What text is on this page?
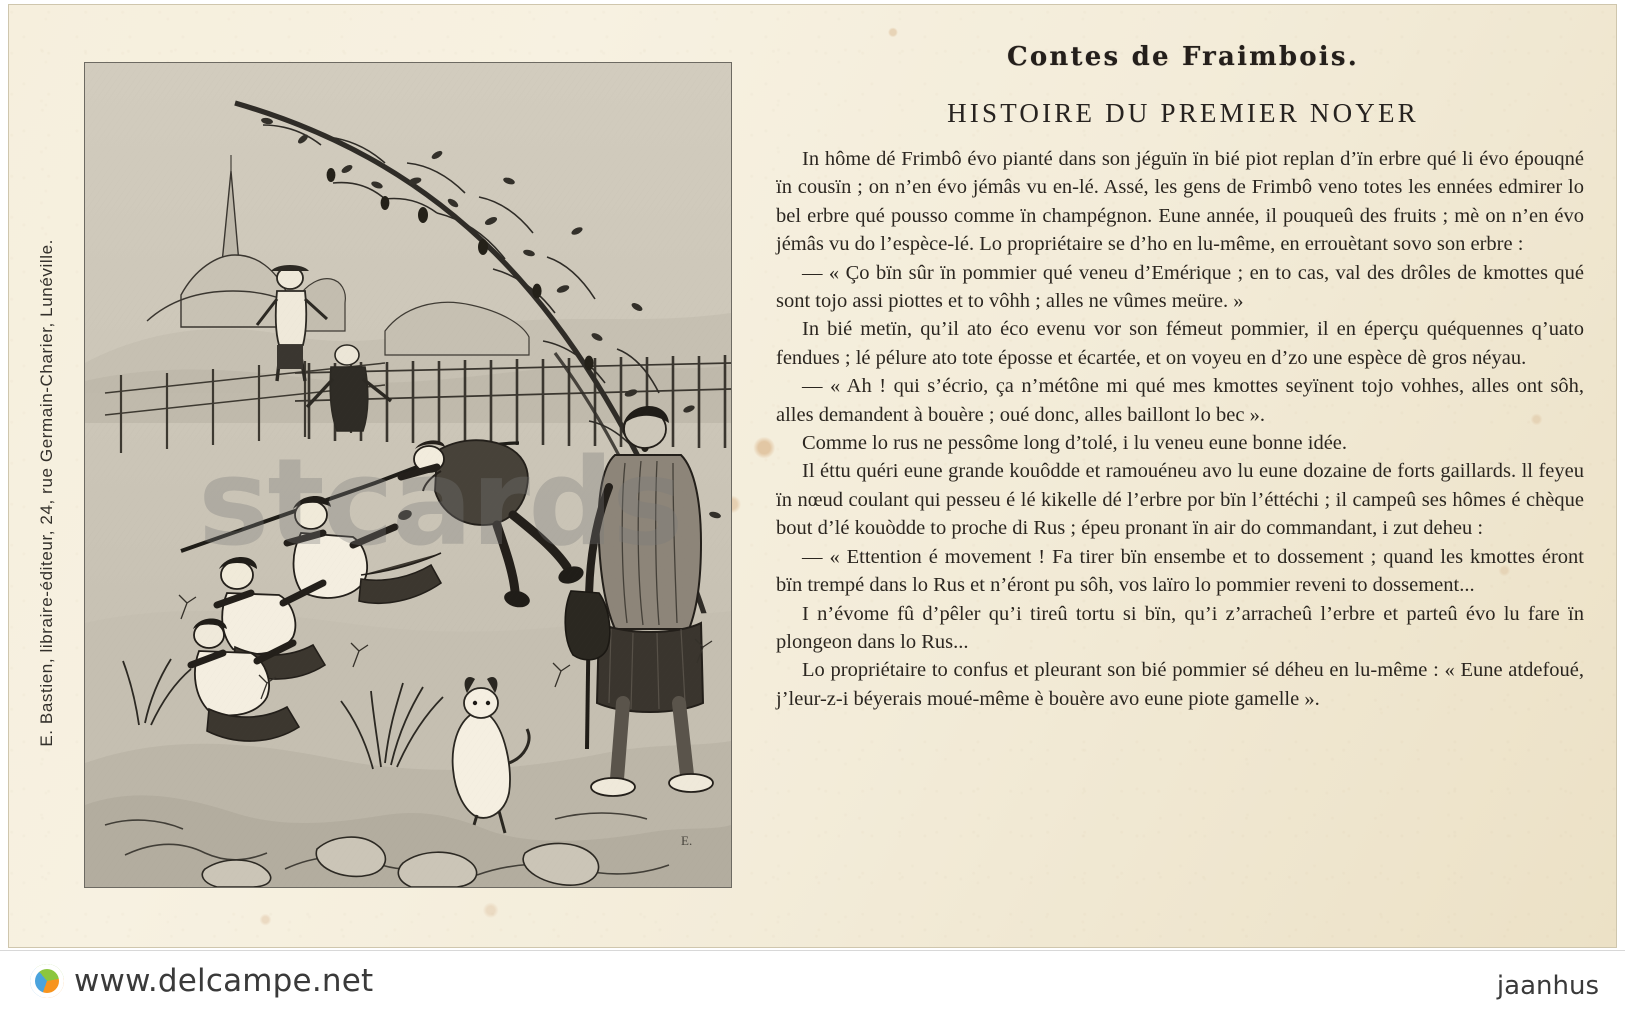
E. Bastien, libraire-éditeur, 24, rue Germain-Charier, Lunéville.
E.
Contes de Fraimbois.
HISTOIRE DU PREMIER NOYER

In hôme dé Frimbô évo pianté dans son jéguïn ïn bié piot replan d’ïn erbre qué li évo épouqné ïn cousïn ; on n’en évo jémâs vu en-lé. Assé, les gens de Frimbô veno totes les ennées edmirer lo bel erbre qué pousso comme ïn champégnon. Eune année, il pouqueû des fruits ; mè on n’en évo jémâs vu do l’espèce-lé. Lo propriétaire se d’ho en lu-même, en errouètant sovo son erbre :

— « Ço bïn sûr ïn pommier qué veneu d’Emérique ; en to cas, val des drôles de kmottes qué sont tojo assi piottes et to vôhh ; alles ne vûmes meüre. »

In bié metïn, qu’il ato éco evenu vor son fémeut pommier, il en éperçu quéquennes q’uato fendues ; lé pélure ato tote éposse et écartée, et on voyeu en d’zo une espèce dè gros néyau.

— « Ah ! qui s’écrio, ça n’métône mi qué mes kmottes seyïnent tojo vohhes, alles ont sôh, alles demandent à bouère ; oué donc, alles baillont lo bec ».

Comme lo rus ne pessôme long d’tolé, i lu veneu eune bonne idée.

Il éttu quéri eune grande kouôdde et ramouéneu avo lu eune dozaine de forts gaillards. ll feyeu ïn nœud coulant qui pesseu é lé kikelle dé l’erbre por bïn l’éttéchi ; il campeû ses hômes é chèque bout d’lé kouòdde to proche di Rus ; épeu pronant ïn air do commandant, i zut deheu :

— « Ettention é movement ! Fa tirer bïn ensembe et to dossement ; quand les kmottes éront bïn trempé dans lo Rus et n’éront pu sôh, vos laïro lo pommier reveni to dossement...

I n’évome fû d’pêler qu’i tireû tortu si bïn, qu’i z’arracheû l’erbre et parteû évo lu fare ïn plongeon dans lo Rus...

Lo propriétaire to confus et pleurant son bié pommier sé déheu en lu-même : « Eune atdefoué, j’leur-z-i béyerais moué-même è bouère avo eune piote gamelle ».

stcards
www.delcampe.net	jaanhus
